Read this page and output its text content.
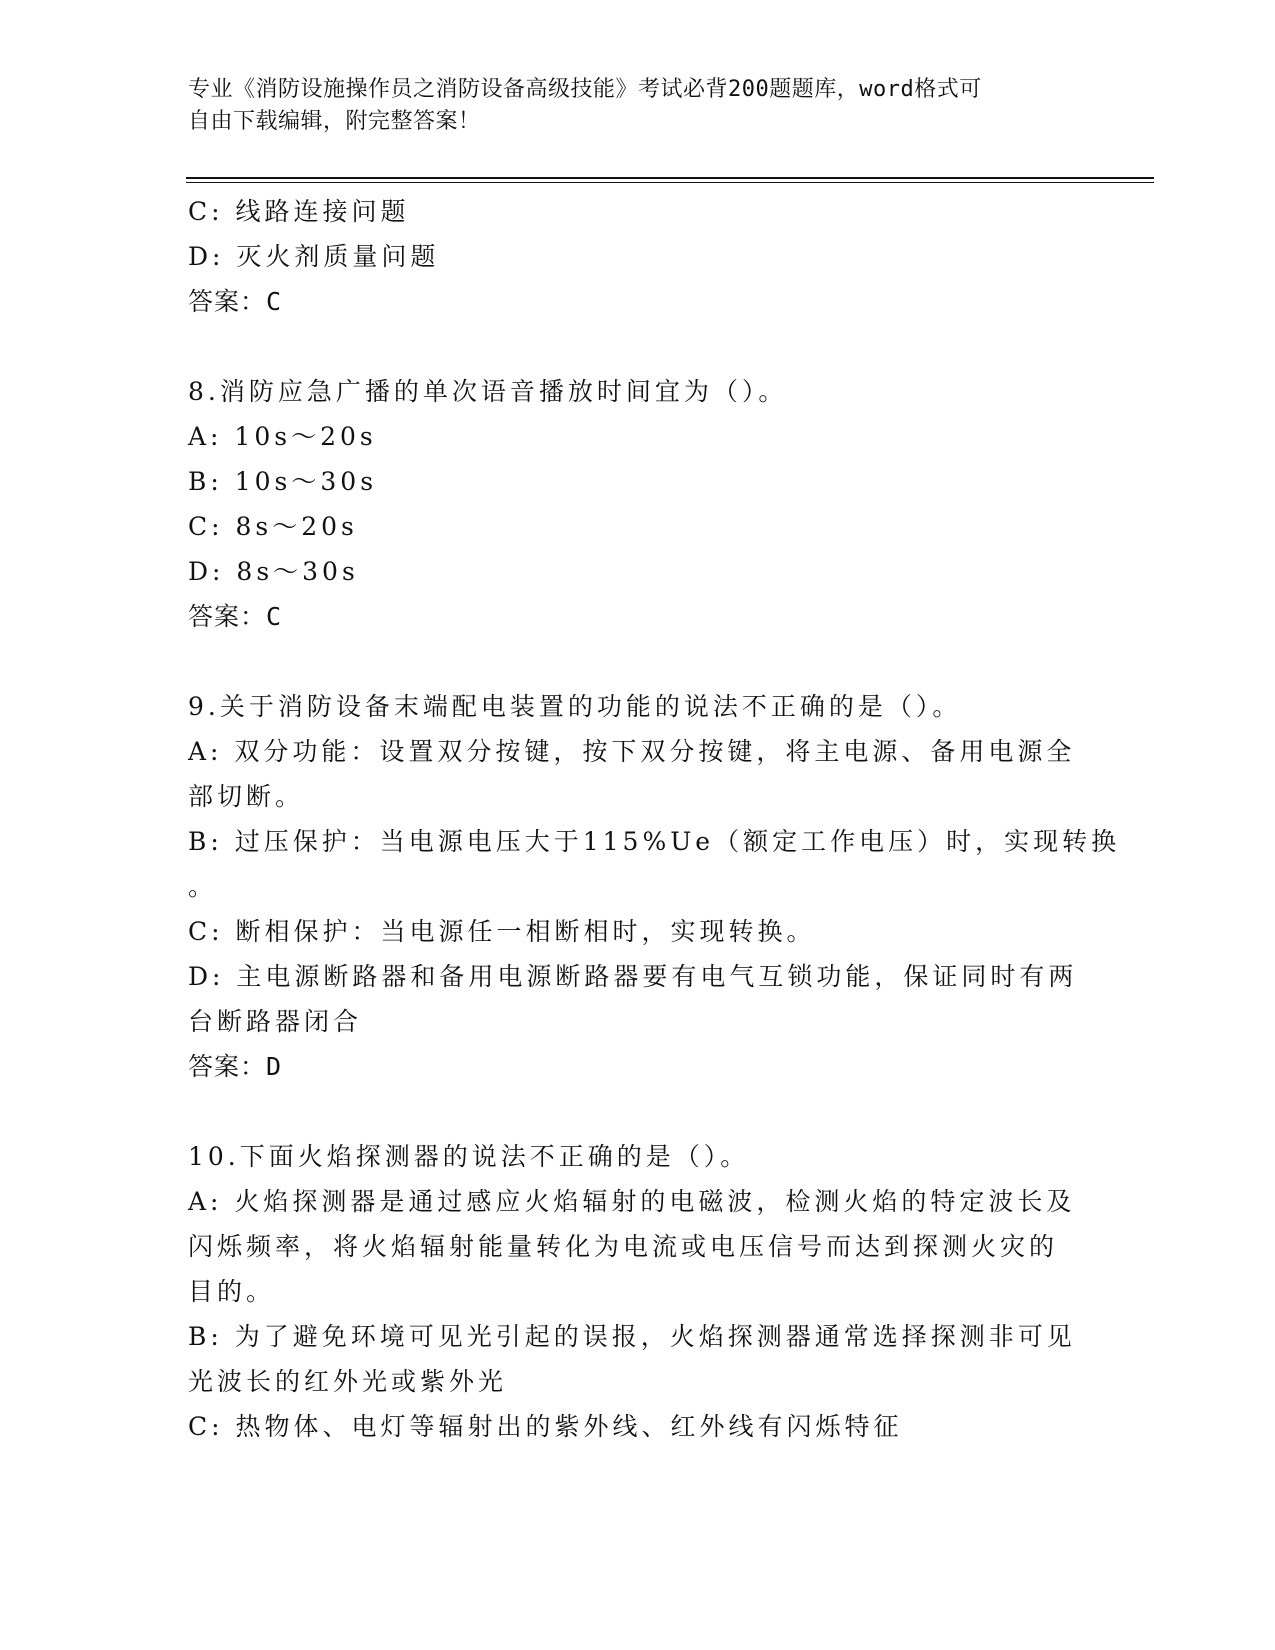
专业《消防设施操作员之消防设备高级技能》考试必背200题题库，word格式可
自由下载编辑，附完整答案！
C: 线路连接问题
D: 灭火剂质量问题
答案：C
8.消防应急广播的单次语音播放时间宜为（）。
A: 10s～20s
B: 10s～30s
C: 8s～20s
D: 8s～30s
答案：C
9.关于消防设备末端配电装置的功能的说法不正确的是（）。
A: 双分功能：设置双分按键，按下双分按键，将主电源、备用电源全
部切断。
B: 过压保护：当电源电压大于115%Ue（额定工作电压）时，实现转换
。
C: 断相保护：当电源任一相断相时，实现转换。
D: 主电源断路器和备用电源断路器要有电气互锁功能，保证同时有两
台断路器闭合
答案：D
10.下面火焰探测器的说法不正确的是（）。
A: 火焰探测器是通过感应火焰辐射的电磁波，检测火焰的特定波长及
闪烁频率，将火焰辐射能量转化为电流或电压信号而达到探测火灾的
目的。
B: 为了避免环境可见光引起的误报，火焰探测器通常选择探测非可见
光波长的红外光或紫外光
C: 热物体、电灯等辐射出的紫外线、红外线有闪烁特征
